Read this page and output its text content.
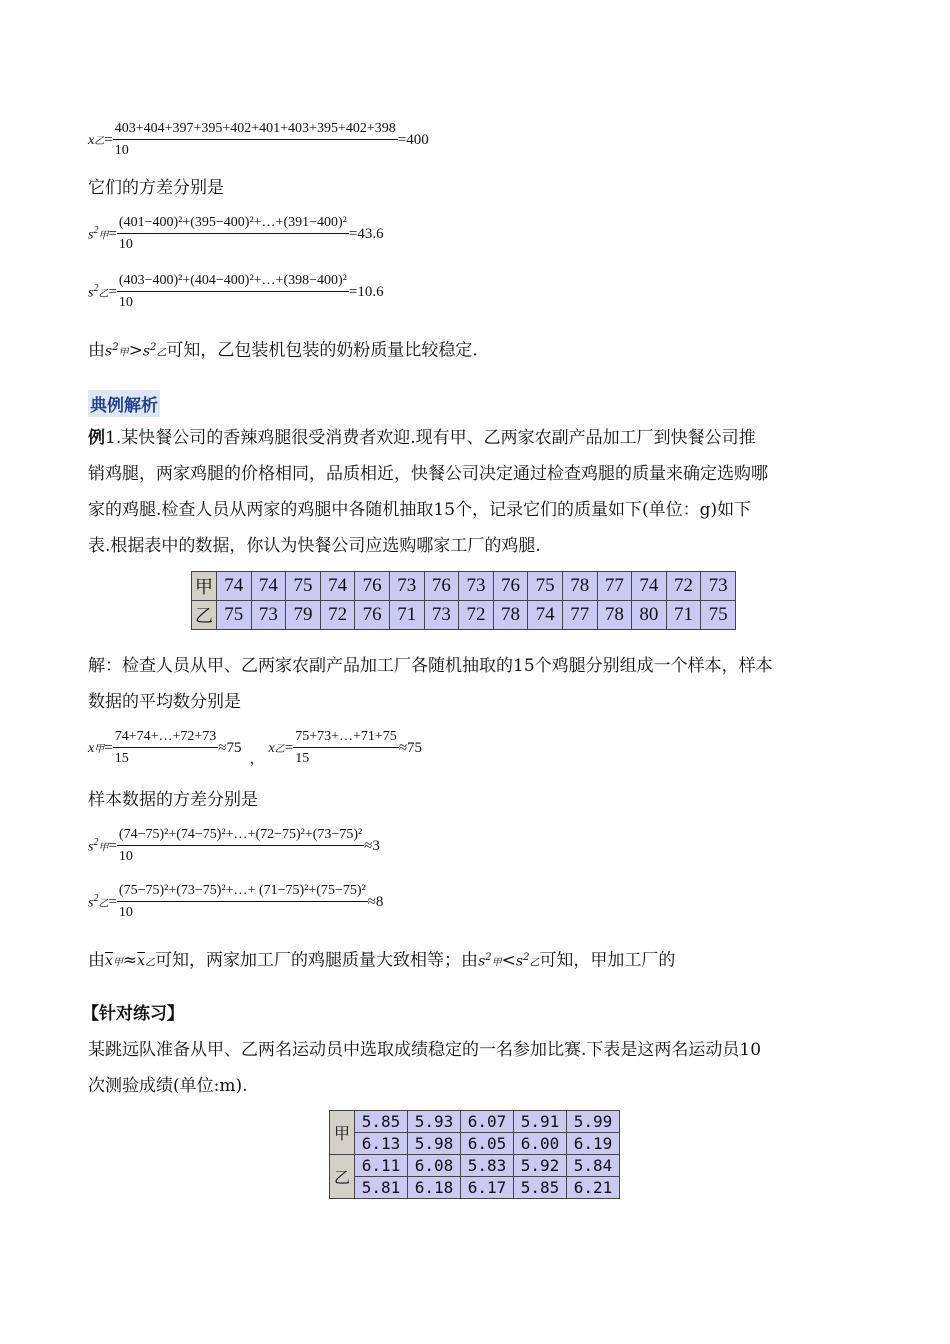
x乙= $\frac{403+404+397+395+402+401+403+395+402+398}{10} =400$
它们的方差分别是
$s^2$甲= $\frac{\text{(401−400)²+(395−400)²+…+(391−400)²}}{10} =43.6$
$s^2$乙= $\frac{\text{(403−400)²+(404−400)²+…+(398−400)²}}{10} =10.6$
由$s^2$甲$>s^2$乙可知，乙包装机包装的奶粉质量比较稳定.
典例解析
例1.某快餐公司的香辣鸡腿很受消费者欢迎.现有甲、乙两家农副产品加工厂到快餐公司推
销鸡腿，两家鸡腿的价格相同，品质相近，快餐公司决定通过检查鸡腿的质量来确定选购哪
家的鸡腿.检查人员从两家的鸡腿中各随机抽取15个，记录它们的质量如下(单位：g)如下
表.根据表中的数据，你认为快餐公司应选购哪家工厂的鸡腿.
甲	74	74	75	74	76	73	76	73	76	75	78	77	74	72	73
乙	75	73	79	72	76	71	73	72	78	74	77	78	80	71	75
解：检查人员从甲、乙两家农副产品加工厂各随机抽取的15个鸡腿分别组成一个样本，样本
数据的平均数分别是
x甲= $\frac{74+74+\dots+72+73}{15} \approx 75$，x乙= $\frac{75+73+\dots+71+75}{15} \approx 75$
样本数据的方差分别是
$s^2$甲= $\frac{\text{(74−75)²+(74−75)²+…+(72−75)²+(73−75)²}}{10} \approx 3$
$s^2$乙= $\frac{\text{(75−75)²+(73−75)²+…+ (71−75)²+(75−75)²}}{10} \approx 8$
由$\overline{x}$甲$\approx\overline{x}$乙可知，两家加工厂的鸡腿质量大致相等；由$s^2$甲$<s^2$乙可知，甲加工厂的
【针对练习】
某跳远队准备从甲、乙两名运动员中选取成绩稳定的一名参加比赛.下表是这两名运动员10
次测验成绩(单位:m).
甲	5.85	5.93	6.07	5.91	5.99
	6.13	5.98	6.05	6.00	6.19
乙	6.11	6.08	5.83	5.92	5.84
	5.81	6.18	6.17	5.85	6.21
